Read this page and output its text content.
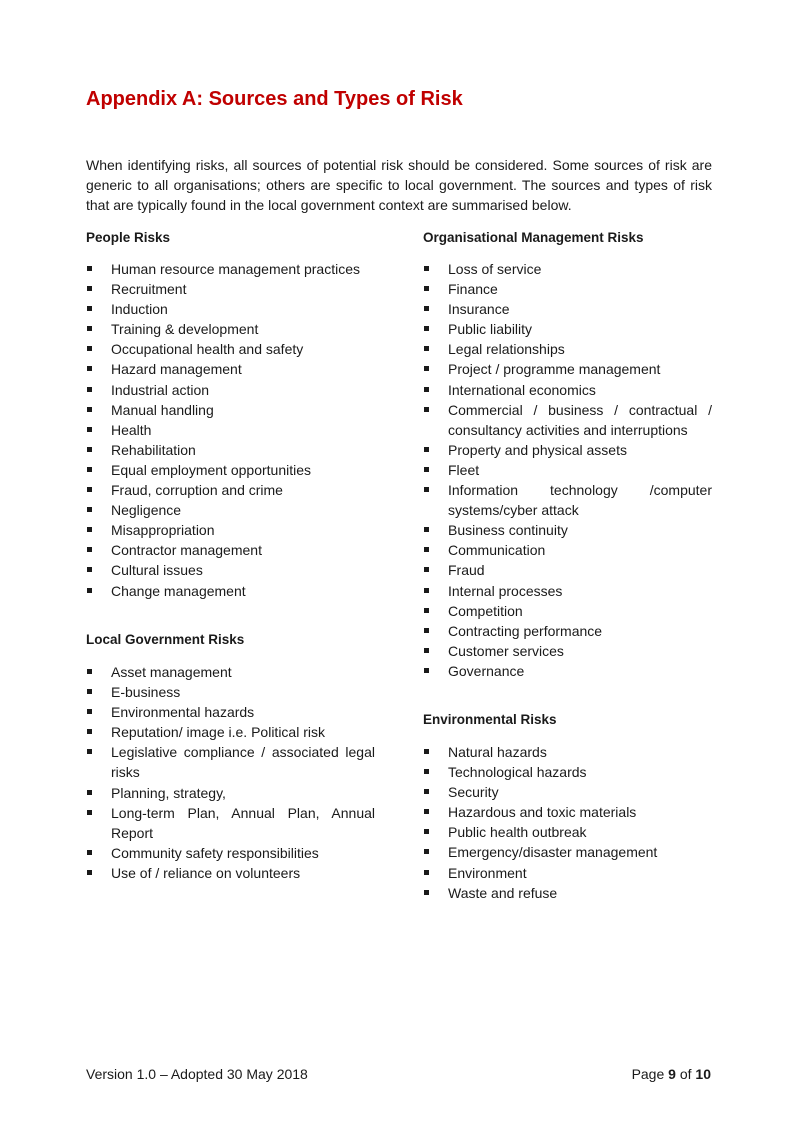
Appendix A: Sources and Types of Risk

When identifying risks, all sources of potential risk should be considered. Some sources of risk are generic to all organisations; others are specific to local government. The sources and types of risk that are typically found in the local government context are summarised below.

People Risks
Human resource management practices
Recruitment
Induction
Training & development
Occupational health and safety
Hazard management
Industrial action
Manual handling
Health
Rehabilitation
Equal employment opportunities
Fraud, corruption and crime
Negligence
Misappropriation
Contractor management
Cultural issues
Change management
Local Government Risks
Asset management
E-business
Environmental hazards
Reputation/ image i.e. Political risk
Legislative compliance / associated legal risks
Planning, strategy,
Long-term Plan, Annual Plan, Annual Report
Community safety responsibilities
Use of / reliance on volunteers
Organisational Management Risks
Loss of service
Finance
Insurance
Public liability
Legal relationships
Project / programme management
International economics
Commercial / business / contractual / consultancy activities and interruptions
Property and physical assets
Fleet
Information technology /computer systems/cyber attack
Business continuity
Communication
Fraud
Internal processes
Competition
Contracting performance
Customer services
Governance
Environmental Risks
Natural hazards
Technological hazards
Security
Hazardous and toxic materials
Public health outbreak
Emergency/disaster management
Environment
Waste and refuse
Version 1.0 – Adopted 30 May 2018	Page 9 of 10
